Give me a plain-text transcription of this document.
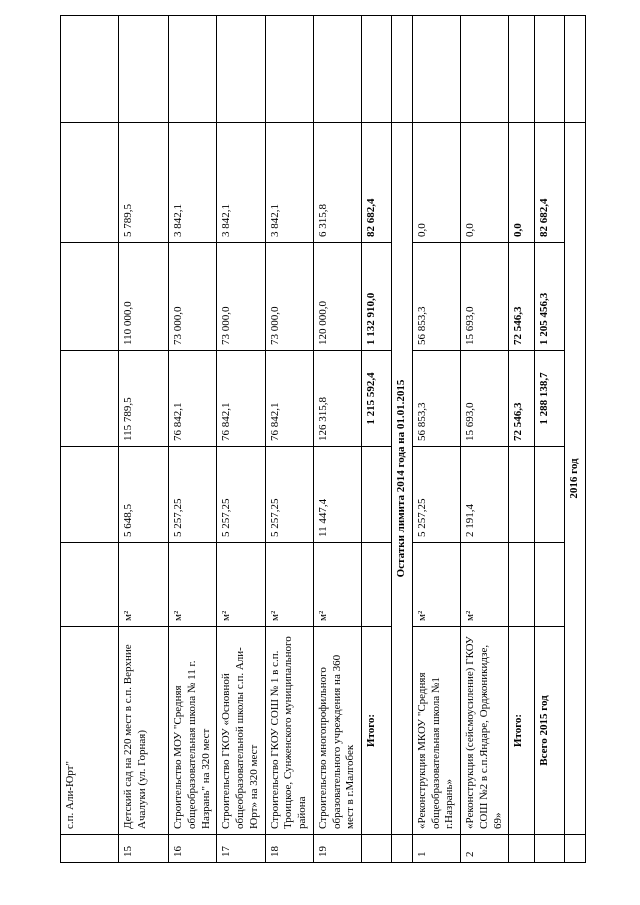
	с.п. Али-Юрт"						
15	Детский сад на 220 мест в с.п. Верхние Ачалуки (ул. Горная)	м²	5 648,5	115 789,5	110 000,0	5 789,5	
16	Строительство МОУ "Средняя общеобразовательная школа № 11 г. Назрань" на 320 мест	м²	5 257,25	76 842,1	73 000,0	3 842,1	
17	Строительство ГКОУ «Основной общеобразовательной школы с.п. Али-Юрт» на 320 мест	м²	5 257,25	76 842,1	73 000,0	3 842,1	
18	Строительство ГКОУ СОШ № 1 в с.п. Троицкое, Сунженского муниципального района	м²	5 257,25	76 842,1	73 000,0	3 842,1	
19	Строительство многопрофильного образовательного учреждения на 360 мест в г.Малгобек	м²	11 447,4	126 315,8	120 000,0	6 315,8	
	Итого:			1 215 592,4	1 132 910,0	82 682,4	
	Остатки лимита 2014 года на 01.01.2015						
1	«Реконструкция МКОУ "Средняя общеобразовательная школа №1 г.Назрань»	м²	5 257,25	56 853,3	56 853,3	0,0	
2	«Реконструкция (сейсмоусиление) ГКОУ СОШ №2 в с.п.Яндаре, Орджоникидзе, 69»	м²	2 191,4	15 693,0	15 693,0	0,0	
	Итого:			72 546,3	72 546,3	0,0	
	Всего 2015 год			1 288 138,7	1 205 456,3	82 682,4	
	2016 год						
